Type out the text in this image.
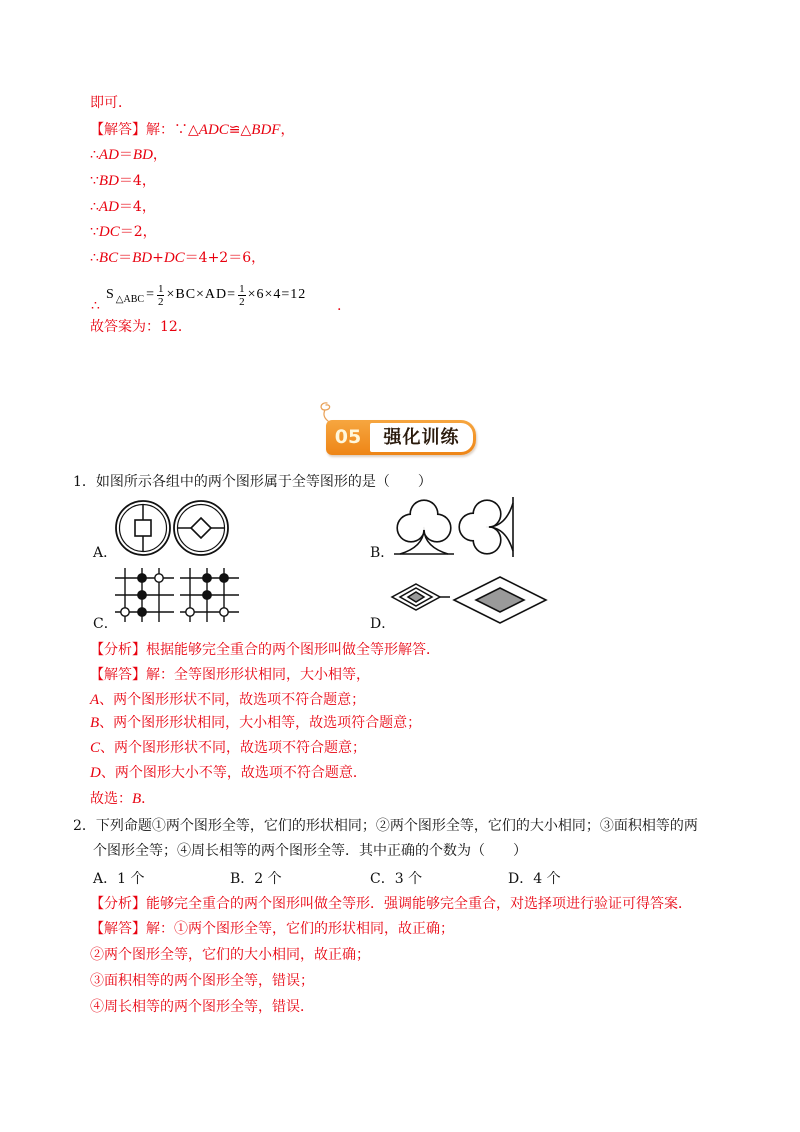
即可．
【解答】解：∵△ADC≌△BDF，
∴AD＝BD，
∵BD＝4，
∴AD＝4，
∵DC＝2，
∴BC＝BD+DC＝4+2＝6，
∴
S △ABC = $\frac{1}{2} \times BC\times AD= \frac{1}{2} \times 6\times 4=12$
.
故答案为：12．
05	强化训练
1．如图所示各组中的两个图形属于全等图形的是（　　）
A．	B．
C．	D．
【分析】根据能够完全重合的两个图形叫做全等形解答．
【解答】解：全等图形形状相同，大小相等，
A、两个图形形状不同，故选项不符合题意；
B、两个图形形状相同，大小相等，故选项符合题意；
C、两个图形形状不同，故选项不符合题意；
D、两个图形大小不等，故选项不符合题意．
故选：B．
2．下列命题①两个图形全等，它们的形状相同；②两个图形全等，它们的大小相同；③面积相等的两
个图形全等；④周长相等的两个图形全等．其中正确的个数为（　　）
A．1 个	B．2 个	C．3 个	D．4 个
【分析】能够完全重合的两个图形叫做全等形．强调能够完全重合，对选择项进行验证可得答案．
【解答】解：①两个图形全等，它们的形状相同，故正确；
②两个图形全等，它们的大小相同，故正确；
③面积相等的两个图形全等，错误；
④周长相等的两个图形全等，错误．
